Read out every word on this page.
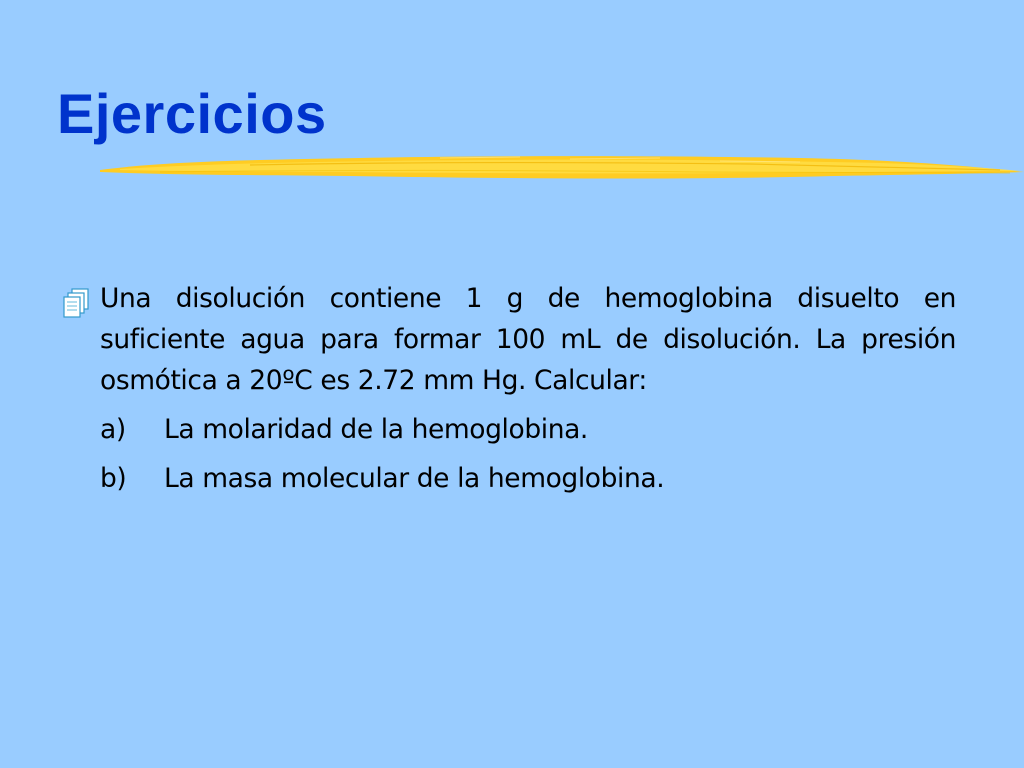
Ejercicios

Una disolución contiene 1 g de hemoglobina disuelto en suficiente agua para formar 100 mL de disolución. La presión osmótica a 20ºC es 2.72 mm Hg. Calcular:

a) La molaridad de la hemoglobina.
b) La masa molecular de la hemoglobina.
